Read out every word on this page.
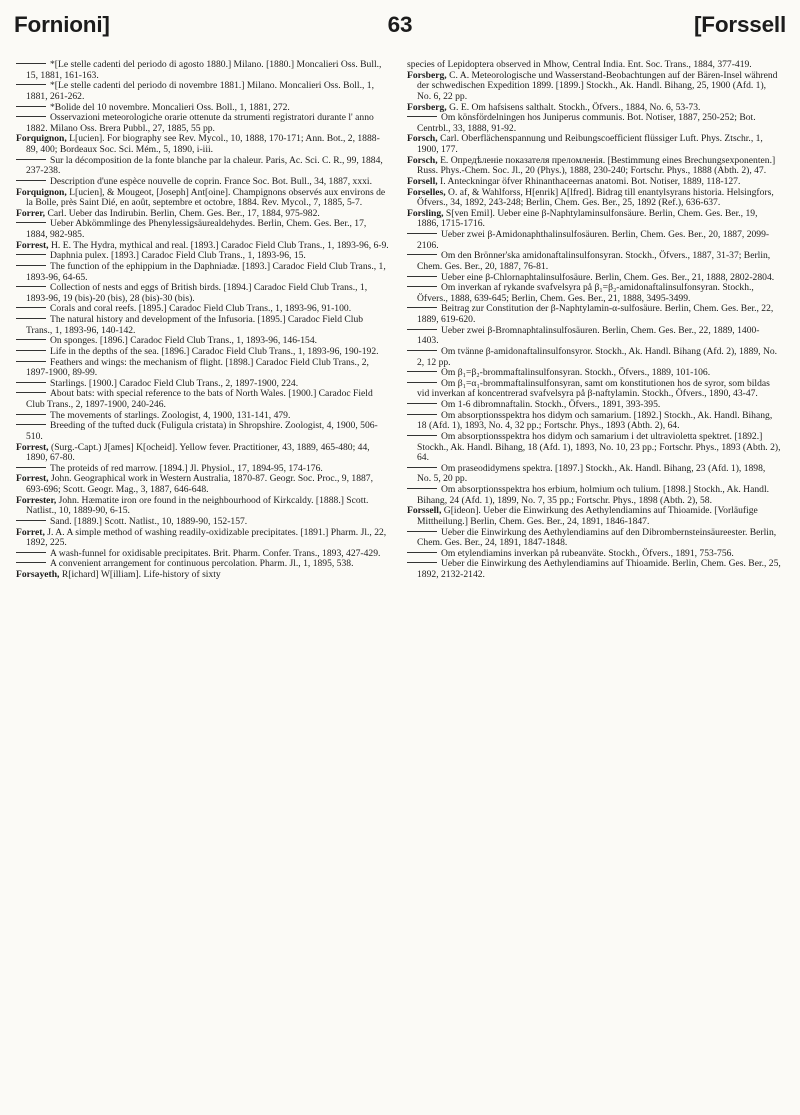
Fornioni]	63	[Forssell
*[Le stelle cadenti del periodo di agosto 1880.] Milano. [1880.] Moncalieri Oss. Bull., 15, 1881, 161-163.
*[Le stelle cadenti del periodo di novembre 1881.] Milano. Moncalieri Oss. Boll., 1, 1881, 261-262.
*Bolide del 10 novembre. Moncalieri Oss. Boll., 1, 1881, 272.
Osservazioni meteorologiche orarie ottenute da strumenti registratori durante l' anno 1882. Milano Oss. Brera Pubbl., 27, 1885, 55 pp.
Forquignon, L[ucien]. For biography see Rev. Mycol., 10, 1888, 170-171; Ann. Bot., 2, 1888-89, 400; Bordeaux Soc. Sci. Mém., 5, 1890, i-iii.
Sur la décomposition de la fonte blanche par la chaleur. Paris, Ac. Sci. C. R., 99, 1884, 237-238.
Description d'une espèce nouvelle de coprin. France Soc. Bot. Bull., 34, 1887, xxxi.
Forquignon, L[ucien], & Mougeot, [Joseph] Ant[oine]. Champignons observés aux environs de la Bolle, près Saint Dié, en août, septembre et octobre, 1884. Rev. Mycol., 7, 1885, 5-7.
Forrer, Carl. Ueber das Indirubin. Berlin, Chem. Ges. Ber., 17, 1884, 975-982.
Ueber Abkömmlinge des Phenylessigsäurealdehydes. Berlin, Chem. Ges. Ber., 17, 1884, 982-985.
Forrest, H. E. The Hydra, mythical and real. [1893.] Caradoc Field Club Trans., 1, 1893-96, 6-9.
Daphnia pulex. [1893.] Caradoc Field Club Trans., 1, 1893-96, 15.
The function of the ephippium in the Daphniadæ. [1893.] Caradoc Field Club Trans., 1, 1893-96, 64-65.
Collection of nests and eggs of British birds. [1894.] Caradoc Field Club Trans., 1, 1893-96, 19 (bis)-20 (bis), 28 (bis)-30 (bis).
Corals and coral reefs. [1895.] Caradoc Field Club Trans., 1, 1893-96, 91-100.
The natural history and development of the Infusoria. [1895.] Caradoc Field Club Trans., 1, 1893-96, 140-142.
On sponges. [1896.] Caradoc Field Club Trans., 1, 1893-96, 146-154.
Life in the depths of the sea. [1896.] Caradoc Field Club Trans., 1, 1893-96, 190-192.
Feathers and wings: the mechanism of flight. [1898.] Caradoc Field Club Trans., 2, 1897-1900, 89-99.
Starlings. [1900.] Caradoc Field Club Trans., 2, 1897-1900, 224.
About bats: with special reference to the bats of North Wales. [1900.] Caradoc Field Club Trans., 2, 1897-1900, 240-246.
The movements of starlings. Zoologist, 4, 1900, 131-141, 479.
Breeding of the tufted duck (Fuligula cristata) in Shropshire. Zoologist, 4, 1900, 506-510.
Forrest, (Surg.-Capt.) J[ames] K[ocheid]. Yellow fever. Practitioner, 43, 1889, 465-480; 44, 1890, 67-80.
The proteids of red marrow. [1894.] Jl. Physiol., 17, 1894-95, 174-176.
Forrest, John. Geographical work in Western Australia, 1870-87. Geogr. Soc. Proc., 9, 1887, 693-696; Scott. Geogr. Mag., 3, 1887, 646-648.
Forrester, John. Hæmatite iron ore found in the neighbourhood of Kirkcaldy. [1888.] Scott. Natlist., 10, 1889-90, 6-15.
Sand. [1889.] Scott. Natlist., 10, 1889-90, 152-157.
Forret, J. A. A simple method of washing readily-oxidizable precipitates. [1891.] Pharm. Jl., 22, 1892, 225.
A wash-funnel for oxidisable precipitates. Brit. Pharm. Confer. Trans., 1893, 427-429.
A convenient arrangement for continuous percolation. Pharm. Jl., 1, 1895, 538.
Forsayeth, R[ichard] W[illiam]. Life-history of sixty
species of Lepidoptera observed in Mhow, Central India. Ent. Soc. Trans., 1884, 377-419.
Forsberg, C. A. Meteorologische und Wasserstand-Beobachtungen auf der Bären-Insel während der schwedischen Expedition 1899. [1899.] Stockh., Ak. Handl. Bihang, 25, 1900 (Afd. 1), No. 6, 22 pp.
Forsberg, G. E. Om hafsisens salthalt. Stockh., Öfvers., 1884, No. 6, 53-73.
Om könsfördelningen hos Juniperus communis. Bot. Notiser, 1887, 250-252; Bot. Centrbl., 33, 1888, 91-92.
Forsch, Carl. Oberflächenspannung und Reibungscoefficient flüssiger Luft. Phys. Ztschr., 1, 1900, 177.
Forsch, E. Опредѣленіе показателя преломленія. [Bestimmung eines Brechungsexponenten.] Russ. Phys.-Chem. Soc. Jl., 20 (Phys.), 1888, 230-240; Fortschr. Phys., 1888 (Abth. 2), 47.
Forsell, I. Anteckningar öfver Rhinanthaceernas anatomi. Bot. Notiser, 1889, 118-127.
Forselles, O. af, & Wahlforss, H[enrik] A[lfred]. Bidrag till enantylsyrans historia. Helsingfors, Öfvers., 34, 1892, 243-248; Berlin, Chem. Ges. Ber., 25, 1892 (Ref.), 636-637.
Forsling, S[ven Emil]. Ueber eine β-Naphtylaminsulfonsäure. Berlin, Chem. Ges. Ber., 19, 1886, 1715-1716.
Ueber zwei β-Amidonaphthalinsulfosäuren. Berlin, Chem. Ges. Ber., 20, 1887, 2099-2106.
Om den Brönner'ska amidonaftalinsulfonsyran. Stockh., Öfvers., 1887, 31-37; Berlin, Chem. Ges. Ber., 20, 1887, 76-81.
Ueber eine β-Chlornaphtalinsulfosäure. Berlin, Chem. Ges. Ber., 21, 1888, 2802-2804.
Om inverkan af rykande svafvelsyra på β₁=β₂-amidonaftalinsulfonsyran. Stockh., Öfvers., 1888, 639-645; Berlin, Chem. Ges. Ber., 21, 1888, 3495-3499.
Beitrag zur Constitution der β-Naphtylamin-α-sulfosäure. Berlin, Chem. Ges. Ber., 22, 1889, 619-620.
Ueber zwei β-Bromnaphtalinsulfosäuren. Berlin, Chem. Ges. Ber., 22, 1889, 1400-1403.
Om tvänne β-amidonaftalinsulfonsyror. Stockh., Ak. Handl. Bihang (Afd. 2), 1889, No. 2, 12 pp.
Om β₁=β₂-brommaftalinsulfonsyran. Stockh., Öfvers., 1889, 101-106.
Om β₁=α₁-brommaftalinsulfonsyran, samt om konstitutionen hos de syror, som bildas vid inverkan af koncentrerad svafvelsyra på β-naftylamin. Stockh., Öfvers., 1890, 43-47.
Om 1-6 dibromnaftalin. Stockh., Öfvers., 1891, 393-395.
Om absorptionsspektra hos didym och samarium. [1892.] Stockh., Ak. Handl. Bihang, 18 (Afd. 1), 1893, No. 4, 32 pp.; Fortschr. Phys., 1893 (Abth. 2), 64.
Om absorptionsspektra hos didym och samarium i det ultravioletta spektret. [1892.] Stockh., Ak. Handl. Bihang, 18 (Afd. 1), 1893, No. 10, 23 pp.; Fortschr. Phys., 1893 (Abth. 2), 64.
Om praseodidymens spektra. [1897.] Stockh., Ak. Handl. Bihang, 23 (Afd. 1), 1898, No. 5, 20 pp.
Om absorptionsspektra hos erbium, holmium och tulium. [1898.] Stockh., Ak. Handl. Bihang, 24 (Afd. 1), 1899, No. 7, 35 pp.; Fortschr. Phys., 1898 (Abth. 2), 58.
Forssell, G[ideon]. Ueber die Einwirkung des Aethylendiamins auf Thioamide. [Vorläufige Mittheilung.] Berlin, Chem. Ges. Ber., 24, 1891, 1846-1847.
Ueber die Einwirkung des Aethylendiamins auf den Dibrombernsteinsäureester. Berlin, Chem. Ges. Ber., 24, 1891, 1847-1848.
Om etylendiamins inverkan på rubeanväte. Stockh., Öfvers., 1891, 753-756.
Ueber die Einwirkung des Aethylendiamins auf Thioamide. Berlin, Chem. Ges. Ber., 25, 1892, 2132-2142.
